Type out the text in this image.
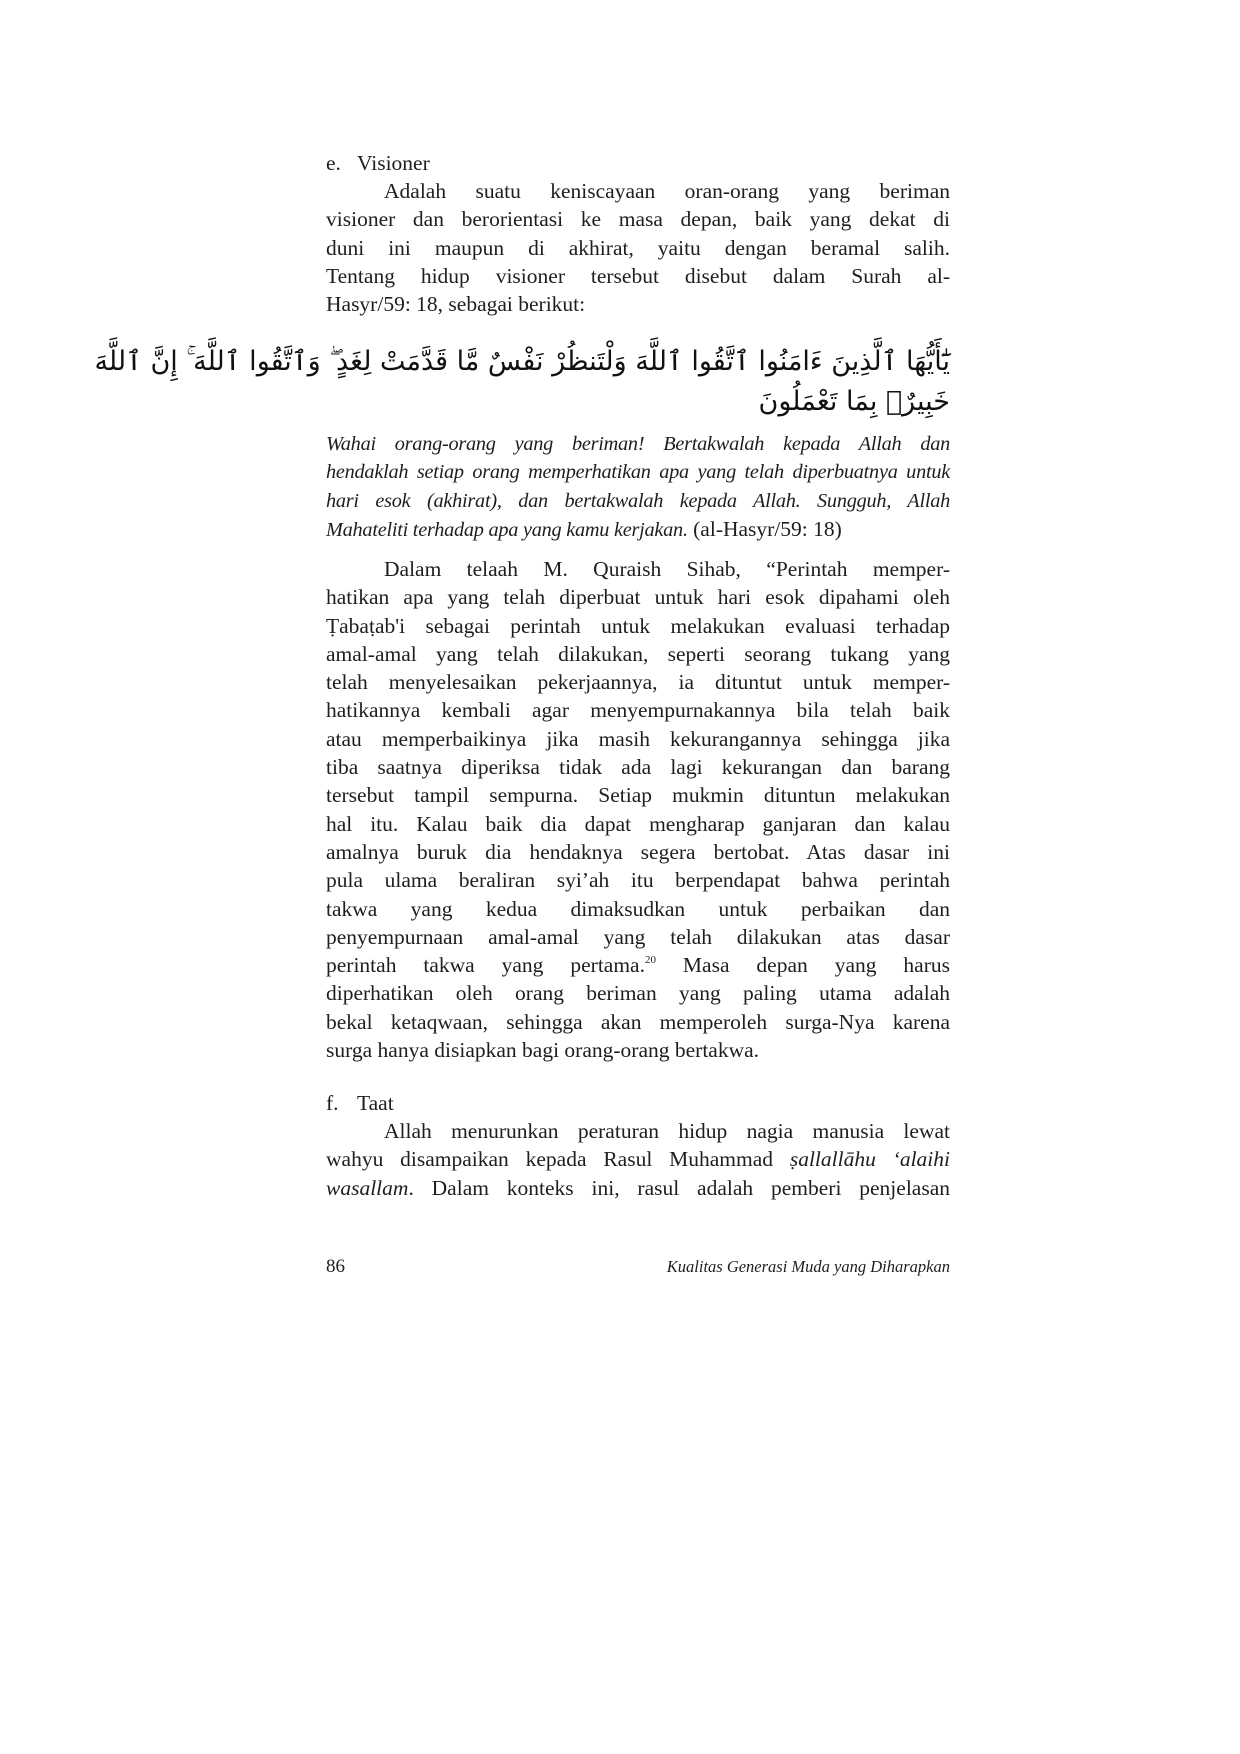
e. Visioner
Adalah suatu keniscayaan oran-orang yang beriman
visioner dan berorientasi ke masa depan, baik yang dekat di
duni ini maupun di akhirat, yaitu dengan beramal salih.
Tentang hidup visioner tersebut disebut dalam Surah al-
Hasyr/59: 18, sebagai berikut:
يَٰٓأَيُّهَا ٱلَّذِينَ ءَامَنُوا ٱتَّقُوا ٱللَّهَ وَلْتَنظُرْ نَفْسٌ مَّا قَدَّمَتْ لِغَدٍ ۖ وَٱتَّقُوا ٱللَّهَ ۚ إِنَّ ٱللَّهَ
خَبِيرٌۢ بِمَا تَعْمَلُونَ
Wahai orang-orang yang beriman! Bertakwalah kepada Allah dan
hendaklah setiap orang memperhatikan apa yang telah diperbuatnya untuk
hari esok (akhirat), dan bertakwalah kepada Allah. Sungguh, Allah
Mahateliti terhadap apa yang kamu kerjakan. (al-Hasyr/59: 18)
Dalam telaah M. Quraish Sihab, “Perintah memper-
hatikan apa yang telah diperbuat untuk hari esok dipahami oleh
Ṭabaṭab'i sebagai perintah untuk melakukan evaluasi terhadap
amal-amal yang telah dilakukan, seperti seorang tukang yang
telah menyelesaikan pekerjaannya, ia dituntut untuk memper-
hatikannya kembali agar menyempurnakannya bila telah baik
atau memperbaikinya jika masih kekurangannya sehingga jika
tiba saatnya diperiksa tidak ada lagi kekurangan dan barang
tersebut tampil sempurna. Setiap mukmin dituntun melakukan
hal itu. Kalau baik dia dapat mengharap ganjaran dan kalau
amalnya buruk dia hendaknya segera bertobat. Atas dasar ini
pula ulama beraliran syi’ah itu berpendapat bahwa perintah
takwa yang kedua dimaksudkan untuk perbaikan dan
penyempurnaan amal-amal yang telah dilakukan atas dasar
perintah takwa yang pertama.$^{20}$ Masa depan yang harus
diperhatikan oleh orang beriman yang paling utama adalah
bekal ketaqwaan, sehingga akan memperoleh surga-Nya karena
surga hanya disiapkan bagi orang-orang bertakwa.
f. Taat
Allah menurunkan peraturan hidup nagia manusia lewat
wahyu disampaikan kepada Rasul Muhammad ṣallallāhu ‘alaihi
wasallam. Dalam konteks ini, rasul adalah pemberi penjelasan
86	Kualitas Generasi Muda yang Diharapkan
